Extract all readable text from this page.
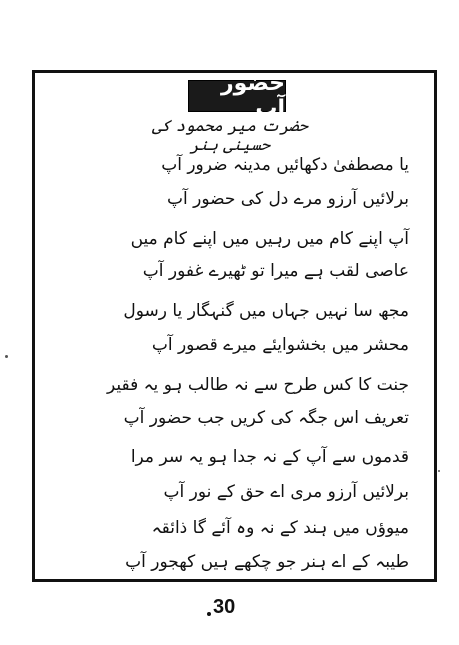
حضور آپ
حضرت میر محمود کی حسینی ہنر
یا مصطفیٰ دکھائیں مدینہ ضرور آپ
برلائیں آرزو مرے دل کی حضور آپ
آپ اپنے کام میں رہیں میں اپنے کام میں
عاصی لقب ہے میرا تو ٹھیرے غفور آپ
مجھ سا نہیں جہاں میں گنہگار یا رسول
محشر میں بخشوایئے میرے قصور آپ
جنت کا کس طرح سے نہ طالب ہو یہ فقیر
تعریف اس جگہ کی کریں جب حضور آپ
قدموں سے آپ کے نہ جدا ہو یہ سر مرا
برلائیں آرزو مری اے حق کے نور آپ
میوؤں میں ہند کے نہ وہ آئے گا ذائقہ
طیبہ کے اے ہنر جو چکھے ہیں کھجور آپ
30
